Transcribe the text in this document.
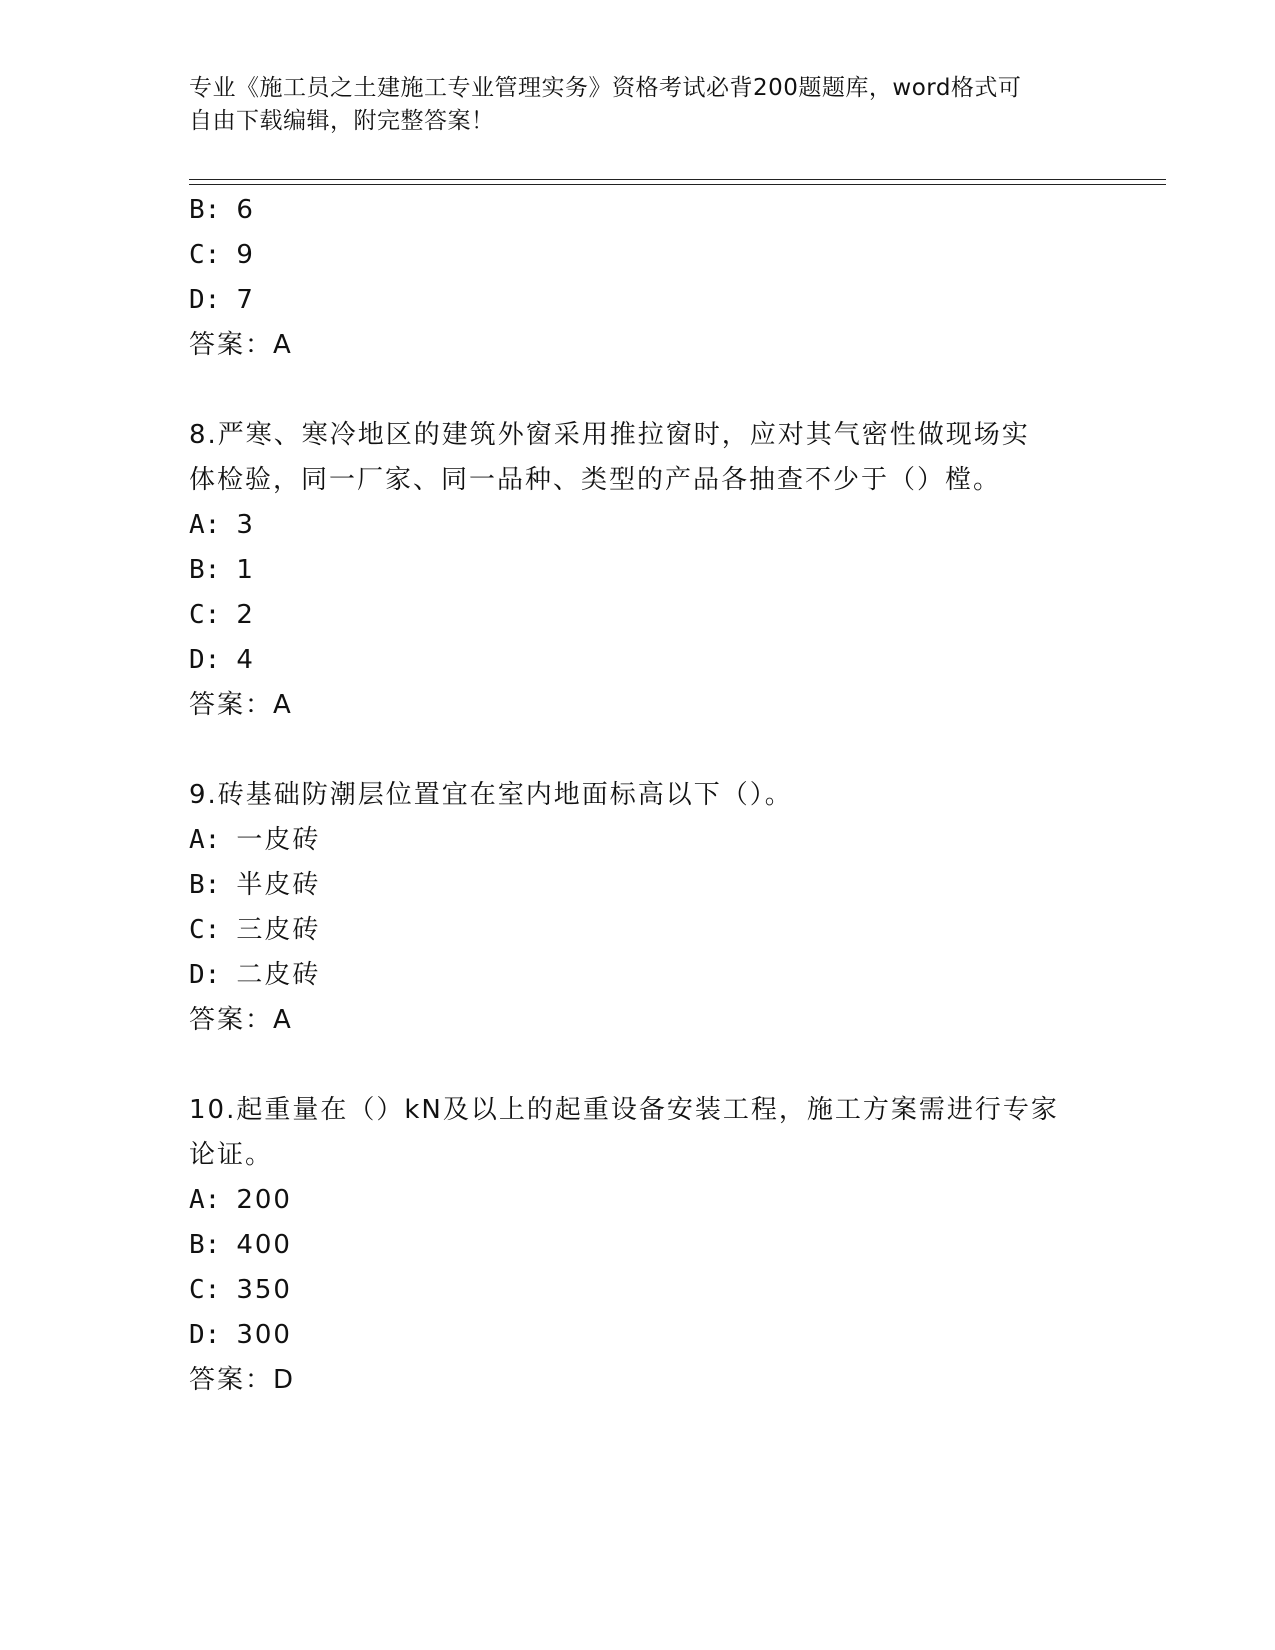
专业《施工员之土建施工专业管理实务》资格考试必背200题题库，word格式可
自由下载编辑，附完整答案！
B: 6
C: 9
D: 7
答案：A
8.严寒、寒冷地区的建筑外窗采用推拉窗时，应对其气密性做现场实
体检验，同一厂家、同一品种、类型的产品各抽查不少于（）樘。
A: 3
B: 1
C: 2
D: 4
答案：A
9.砖基础防潮层位置宜在室内地面标高以下（）。
A: 一皮砖
B: 半皮砖
C: 三皮砖
D: 二皮砖
答案：A
10.起重量在（）kN及以上的起重设备安装工程，施工方案需进行专家
论证。
A: 200
B: 400
C: 350
D: 300
答案：D
